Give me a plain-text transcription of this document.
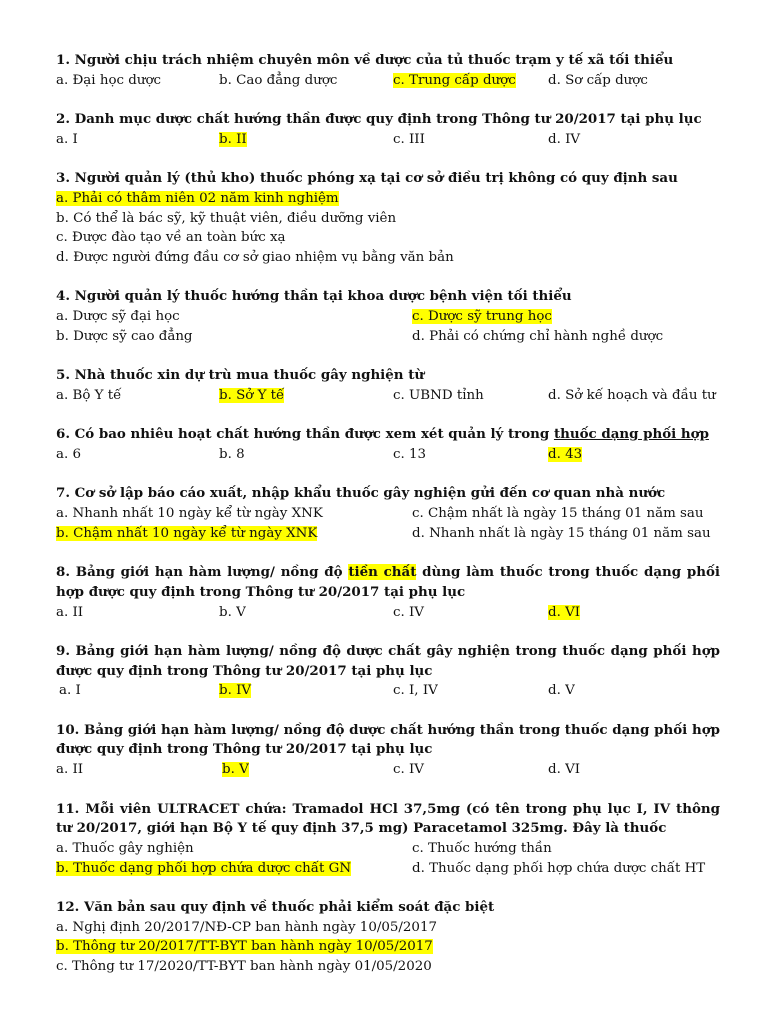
1. Người chịu trách nhiệm chuyên môn về dược của tủ thuốc trạm y tế xã tối thiểu
a. Đại học dược	b. Cao đẳng dược	c. Trung cấp dược	d. Sơ cấp dược
2. Danh mục dược chất hướng thần được quy định trong Thông tư 20/2017 tại phụ lục
a. I	b. II	c. III	d. IV
3. Người quản lý (thủ kho) thuốc phóng xạ tại cơ sở điều trị không có quy định sau
a. Phải có thâm niên 02 năm kinh nghiệm
b. Có thể là bác sỹ, kỹ thuật viên, điều dưỡng viên
c. Được đào tạo về an toàn bức xạ
d. Được người đứng đầu cơ sở giao nhiệm vụ bằng văn bản
4. Người quản lý thuốc hướng thần tại khoa dược bệnh viện tối thiểu
a. Dược sỹ đại học	c. Dược sỹ trung học
b. Dược sỹ cao đẳng	d. Phải có chứng chỉ hành nghề dược
5. Nhà thuốc xin dự trù mua thuốc gây nghiện từ
a. Bộ Y tế	b. Sở Y tế	c. UBND tỉnh	d. Sở kế hoạch và đầu tư
6. Có bao nhiêu hoạt chất hướng thần được xem xét quản lý trong thuốc dạng phối hợp
a. 6	b. 8	c. 13	d. 43
7. Cơ sở lập báo cáo xuất, nhập khẩu thuốc gây nghiện gửi đến cơ quan nhà nước
a. Nhanh nhất 10 ngày kể từ ngày XNK	c. Chậm nhất là ngày 15 tháng 01 năm sau
b. Chậm nhất 10 ngày kể từ ngày XNK	d. Nhanh nhất là ngày 15 tháng 01 năm sau
8. Bảng giới hạn hàm lượng/ nồng độ tiền chất dùng làm thuốc trong thuốc dạng phối hợp được quy định trong Thông tư 20/2017 tại phụ lục
a. II	b. V	c. IV	d. VI
9. Bảng giới hạn hàm lượng/ nồng độ dược chất gây nghiện trong thuốc dạng phối hợp được quy định trong Thông tư 20/2017 tại phụ lục
a. I	b. IV	c. I, IV	d. V
10. Bảng giới hạn hàm lượng/ nồng độ dược chất hướng thần trong thuốc dạng phối hợp được quy định trong Thông tư 20/2017 tại phụ lục
a. II	b. V	c. IV	d. VI
11. Mỗi viên ULTRACET chứa: Tramadol HCl 37,5mg (có tên trong phụ lục I, IV thông tư 20/2017, giới hạn Bộ Y tế quy định 37,5 mg) Paracetamol 325mg. Đây là thuốc
a. Thuốc gây nghiện	c. Thuốc hướng thần
b. Thuốc dạng phối hợp chứa dược chất GN	d. Thuốc dạng phối hợp chứa dược chất HT
12. Văn bản sau quy định về thuốc phải kiểm soát đặc biệt
a. Nghị định 20/2017/NĐ-CP ban hành ngày 10/05/2017
b. Thông tư 20/2017/TT-BYT ban hành ngày 10/05/2017
c. Thông tư 17/2020/TT-BYT ban hành ngày 01/05/2020
